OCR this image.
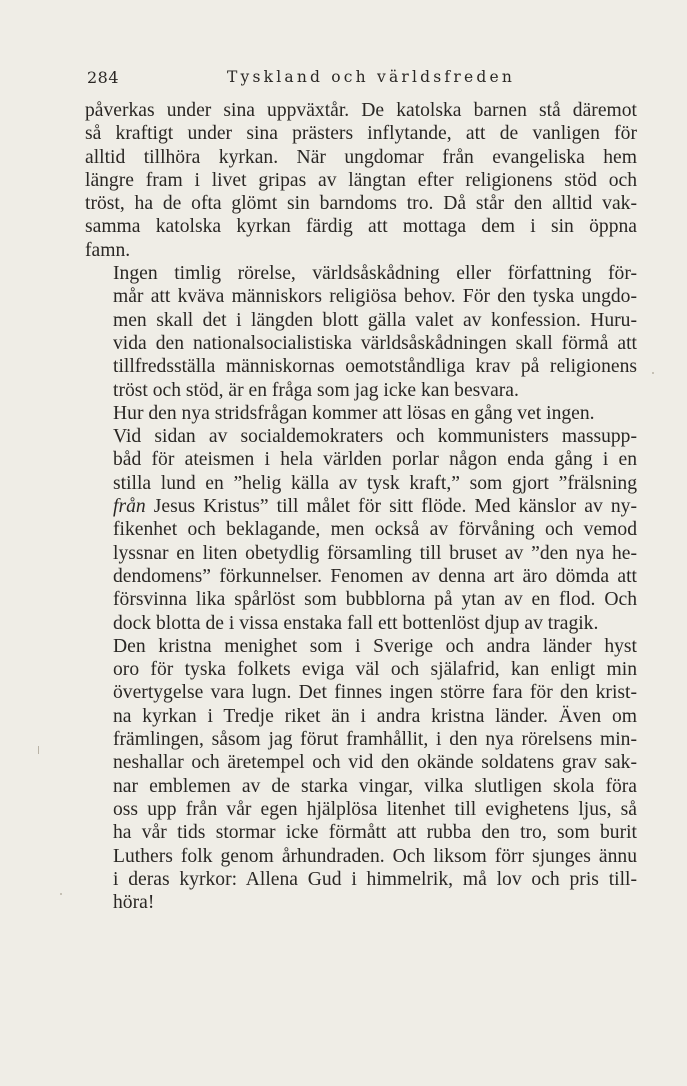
284	Tyskland och världsfreden

påverkas under sina uppväxtår. De katolska barnen stå däremot
så kraftigt under sina prästers inflytande, att de vanligen för
alltid tillhöra kyrkan. När ungdomar från evangeliska hem
längre fram i livet gripas av längtan efter religionens stöd och
tröst, ha de ofta glömt sin barndoms tro. Då står den alltid vak-
samma katolska kyrkan färdig att mottaga dem i sin öppna
famn.

Ingen timlig rörelse, världsåskådning eller författning för-
mår att kväva människors religiösa behov. För den tyska ungdo-
men skall det i längden blott gälla valet av konfession. Huru-
vida den nationalsocialistiska världsåskådningen skall förmå att
tillfredsställa människornas oemotståndliga krav på religionens
tröst och stöd, är en fråga som jag icke kan besvara.

Hur den nya stridsfrågan kommer att lösas en gång vet ingen.

Vid sidan av socialdemokraters och kommunisters massupp-
båd för ateismen i hela världen porlar någon enda gång i en
stilla lund en ”helig källa av tysk kraft,” som gjort ”frälsning
från Jesus Kristus” till målet för sitt flöde. Med känslor av ny-
fikenhet och beklagande, men också av förvåning och vemod
lyssnar en liten obetydlig församling till bruset av ”den nya he-
dendomens” förkunnelser. Fenomen av denna art äro dömda att
försvinna lika spårlöst som bubblorna på ytan av en flod. Och
dock blotta de i vissa enstaka fall ett bottenlöst djup av tragik.

Den kristna menighet som i Sverige och andra länder hyst
oro för tyska folkets eviga väl och själafrid, kan enligt min
övertygelse vara lugn. Det finnes ingen större fara för den krist-
na kyrkan i Tredje riket än i andra kristna länder. Även om
främlingen, såsom jag förut framhållit, i den nya rörelsens min-
neshallar och äretempel och vid den okände soldatens grav sak-
nar emblemen av de starka vingar, vilka slutligen skola föra
oss upp från vår egen hjälplösa litenhet till evighetens ljus, så
ha vår tids stormar icke förmått att rubba den tro, som burit
Luthers folk genom århundraden. Och liksom förr sjunges ännu
i deras kyrkor: Allena Gud i himmelrik, må lov och pris till-
höra!
